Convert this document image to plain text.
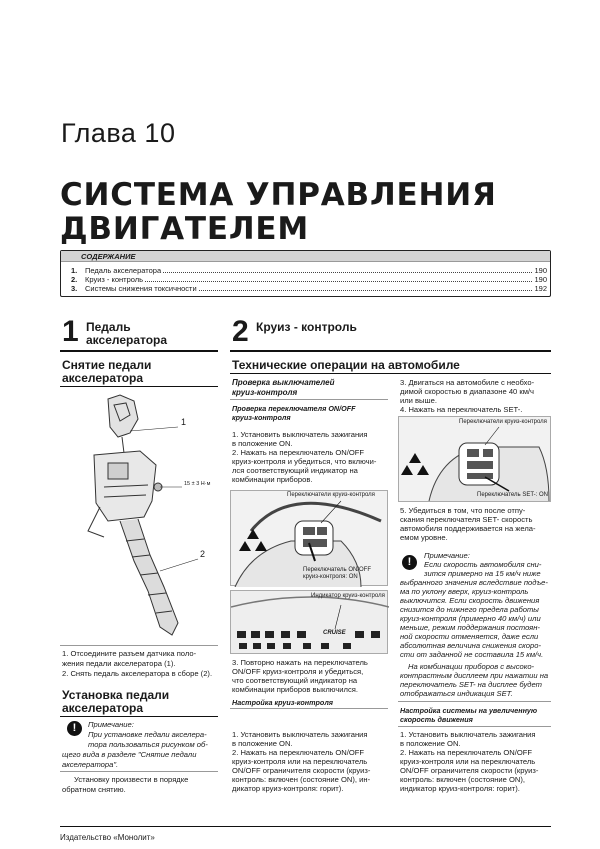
Глава 10
СИСТЕМА УПРАВЛЕНИЯ
ДВИГАТЕЛЕМ
СОДЕРЖАНИЕ
1.	Педаль акселератора	190
2.	Круиз - контроль	190
3.	Системы снижения токсичности	192
1 Педаль
акселератора
Снятие педали
акселератора
1
2
15 ± 3 Н·м
1. Отсоедините разъем датчика поло-
жения педали акселератора (1).
2. Снять педаль акселератора в сборе (2).
Установка педали
акселератора
!	Примечание:
При установке педали акселера-
тора пользоваться рисунком об-
щего вида в разделе "Снятие педали
акселератора".
Установку произвести в порядке
обратном снятию.
2 Круиз - контроль
Технические операции на автомобиле
Проверка выключателей
круиз-контроля
Проверка переключателя ON/OFF
круиз-контроля
1. Установить выключатель зажигания
в положение ON.
2. Нажать на переключатель ON/OFF
круиз-контроля и убедиться, что включи-
лся соответствующий индикатор на
комбинации приборов.
Переключатели круиз-контроля
Переключатель ON/OFF
круиз-контроля: ON
Индикатор круиз-контроля
CRUISE
3. Повторно нажать на переключатель
ON/OFF круиз-контроля и убедиться,
что соответствующий индикатор на
комбинации приборов выключился.
Настройка круиз-контроля
1. Установить выключатель зажигания
в положение ON.
2. Нажать на переключатель ON/OFF
круиз-контроля или на переключатель
ON/OFF ограничителя скорости (круиз-
контроль: включен (состояние ON), ин-
дикатор круиз-контроля: горит).
3. Двигаться на автомобиле с необхо-
димой скоростью в диапазоне 40 км/ч
или выше.
4. Нажать на переключатель SET-.
Переключатели круиз-контроля
Переключатель SET-: ON
5. Убедиться в том, что после отпу-
скания переключателя SET- скорость
автомобиля поддерживается на жела-
емом уровне.
!
Примечание:
Если скорость автомобиля сни-
зится примерно на 15 км/ч ниже
выбранного значения вследствие подъе-
ма по уклону вверх, круиз-контроль
выключится. Если скорость движения
снизится до нижнего предела работы
круиз-контроля (примерно 40 км/ч) или
меньше, режим поддержания постоян-
ной скорости отменяется, даже если
абсолютная величина снижения скоро-
сти от заданной не составила 15 км/ч.
На комбинации приборов с высоко-
контрастным дисплеем при нажатии на
переключатель SET- на дисплее будет
отображаться индикация SET.
Настройка системы на увеличенную
скорость движения
1. Установить выключатель зажигания
в положение ON.
2. Нажать на переключатель ON/OFF
круиз-контроля или на переключатель
ON/OFF ограничителя скорости (круиз-
контроль: включен (состояние ON),
индикатор круиз-контроля: горит).
Издательство «Монолит»
